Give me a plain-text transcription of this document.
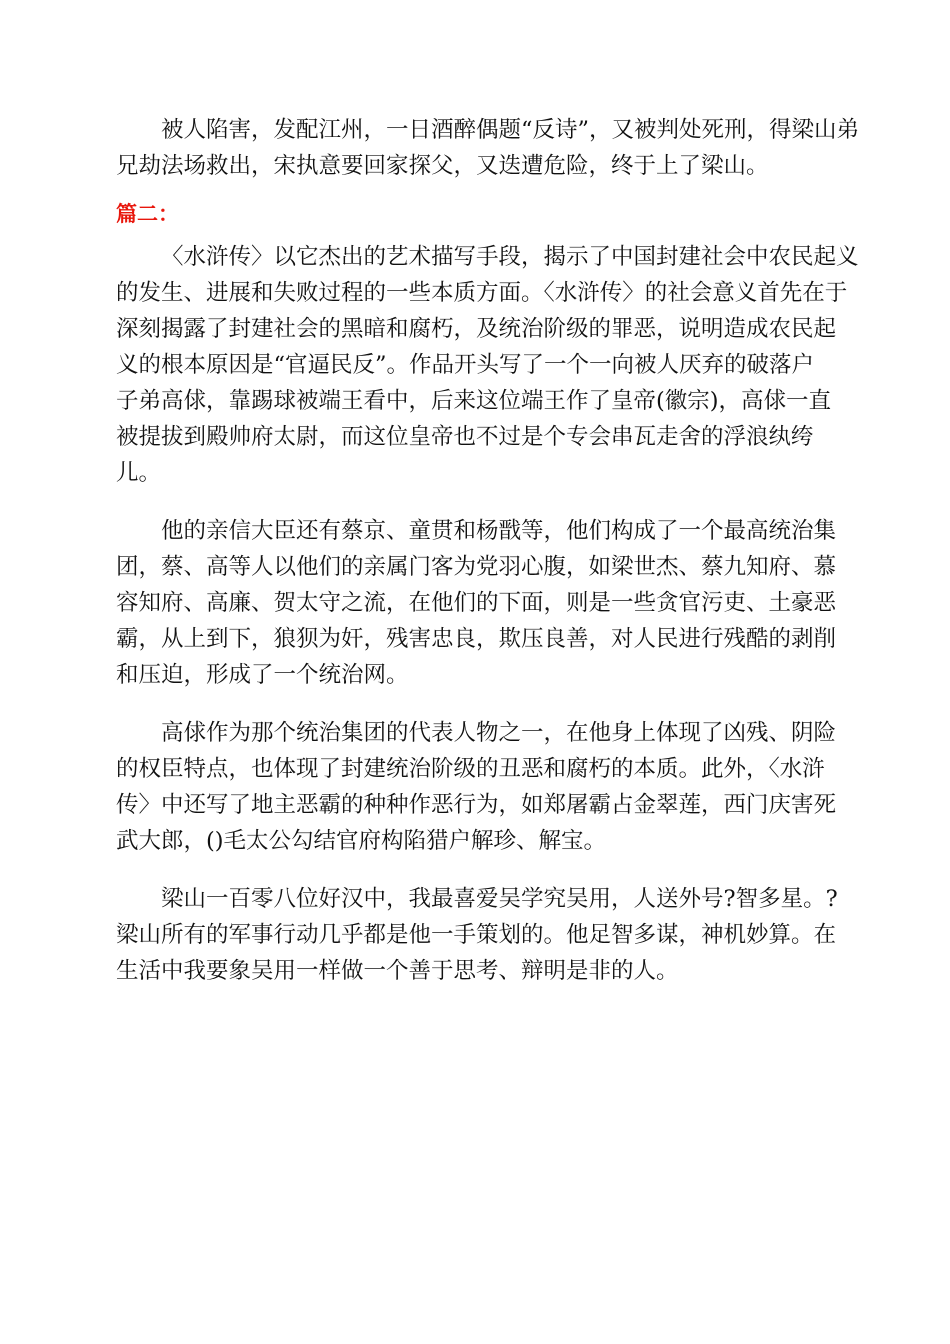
被人陷害，发配江州，一日酒醉偶题“反诗”，又被判处死刑，得梁山弟
兄劫法场救出，宋执意要回家探父，又迭遭危险，终于上了梁山。
篇二：
〈水浒传〉以它杰出的艺术描写手段，揭示了中国封建社会中农民起义
的发生、进展和失败过程的一些本质方面。〈水浒传〉的社会意义首先在于
深刻揭露了封建社会的黑暗和腐朽，及统治阶级的罪恶，说明造成农民起
义的根本原因是“官逼民反”。作品开头写了一个一向被人厌弃的破落户
子弟高俅，靠踢球被端王看中，后来这位端王作了皇帝(徽宗)，高俅一直
被提拔到殿帅府太尉，而这位皇帝也不过是个专会串瓦走舍的浮浪纨绔
儿。
他的亲信大臣还有蔡京、童贯和杨戬等，他们构成了一个最高统治集
团，蔡、高等人以他们的亲属门客为党羽心腹，如梁世杰、蔡九知府、慕
容知府、高廉、贺太守之流，在他们的下面，则是一些贪官污吏、土豪恶
霸，从上到下，狼狈为奸，残害忠良，欺压良善，对人民进行残酷的剥削
和压迫，形成了一个统治网。
高俅作为那个统治集团的代表人物之一，在他身上体现了凶残、阴险
的权臣特点，也体现了封建统治阶级的丑恶和腐朽的本质。此外，〈水浒
传〉中还写了地主恶霸的种种作恶行为，如郑屠霸占金翠莲，西门庆害死
武大郎，()毛太公勾结官府构陷猎户解珍、解宝。
梁山一百零八位好汉中，我最喜爱吴学究吴用，人送外号?智多星。?
梁山所有的军事行动几乎都是他一手策划的。他足智多谋，神机妙算。在
生活中我要象吴用一样做一个善于思考、辩明是非的人。
